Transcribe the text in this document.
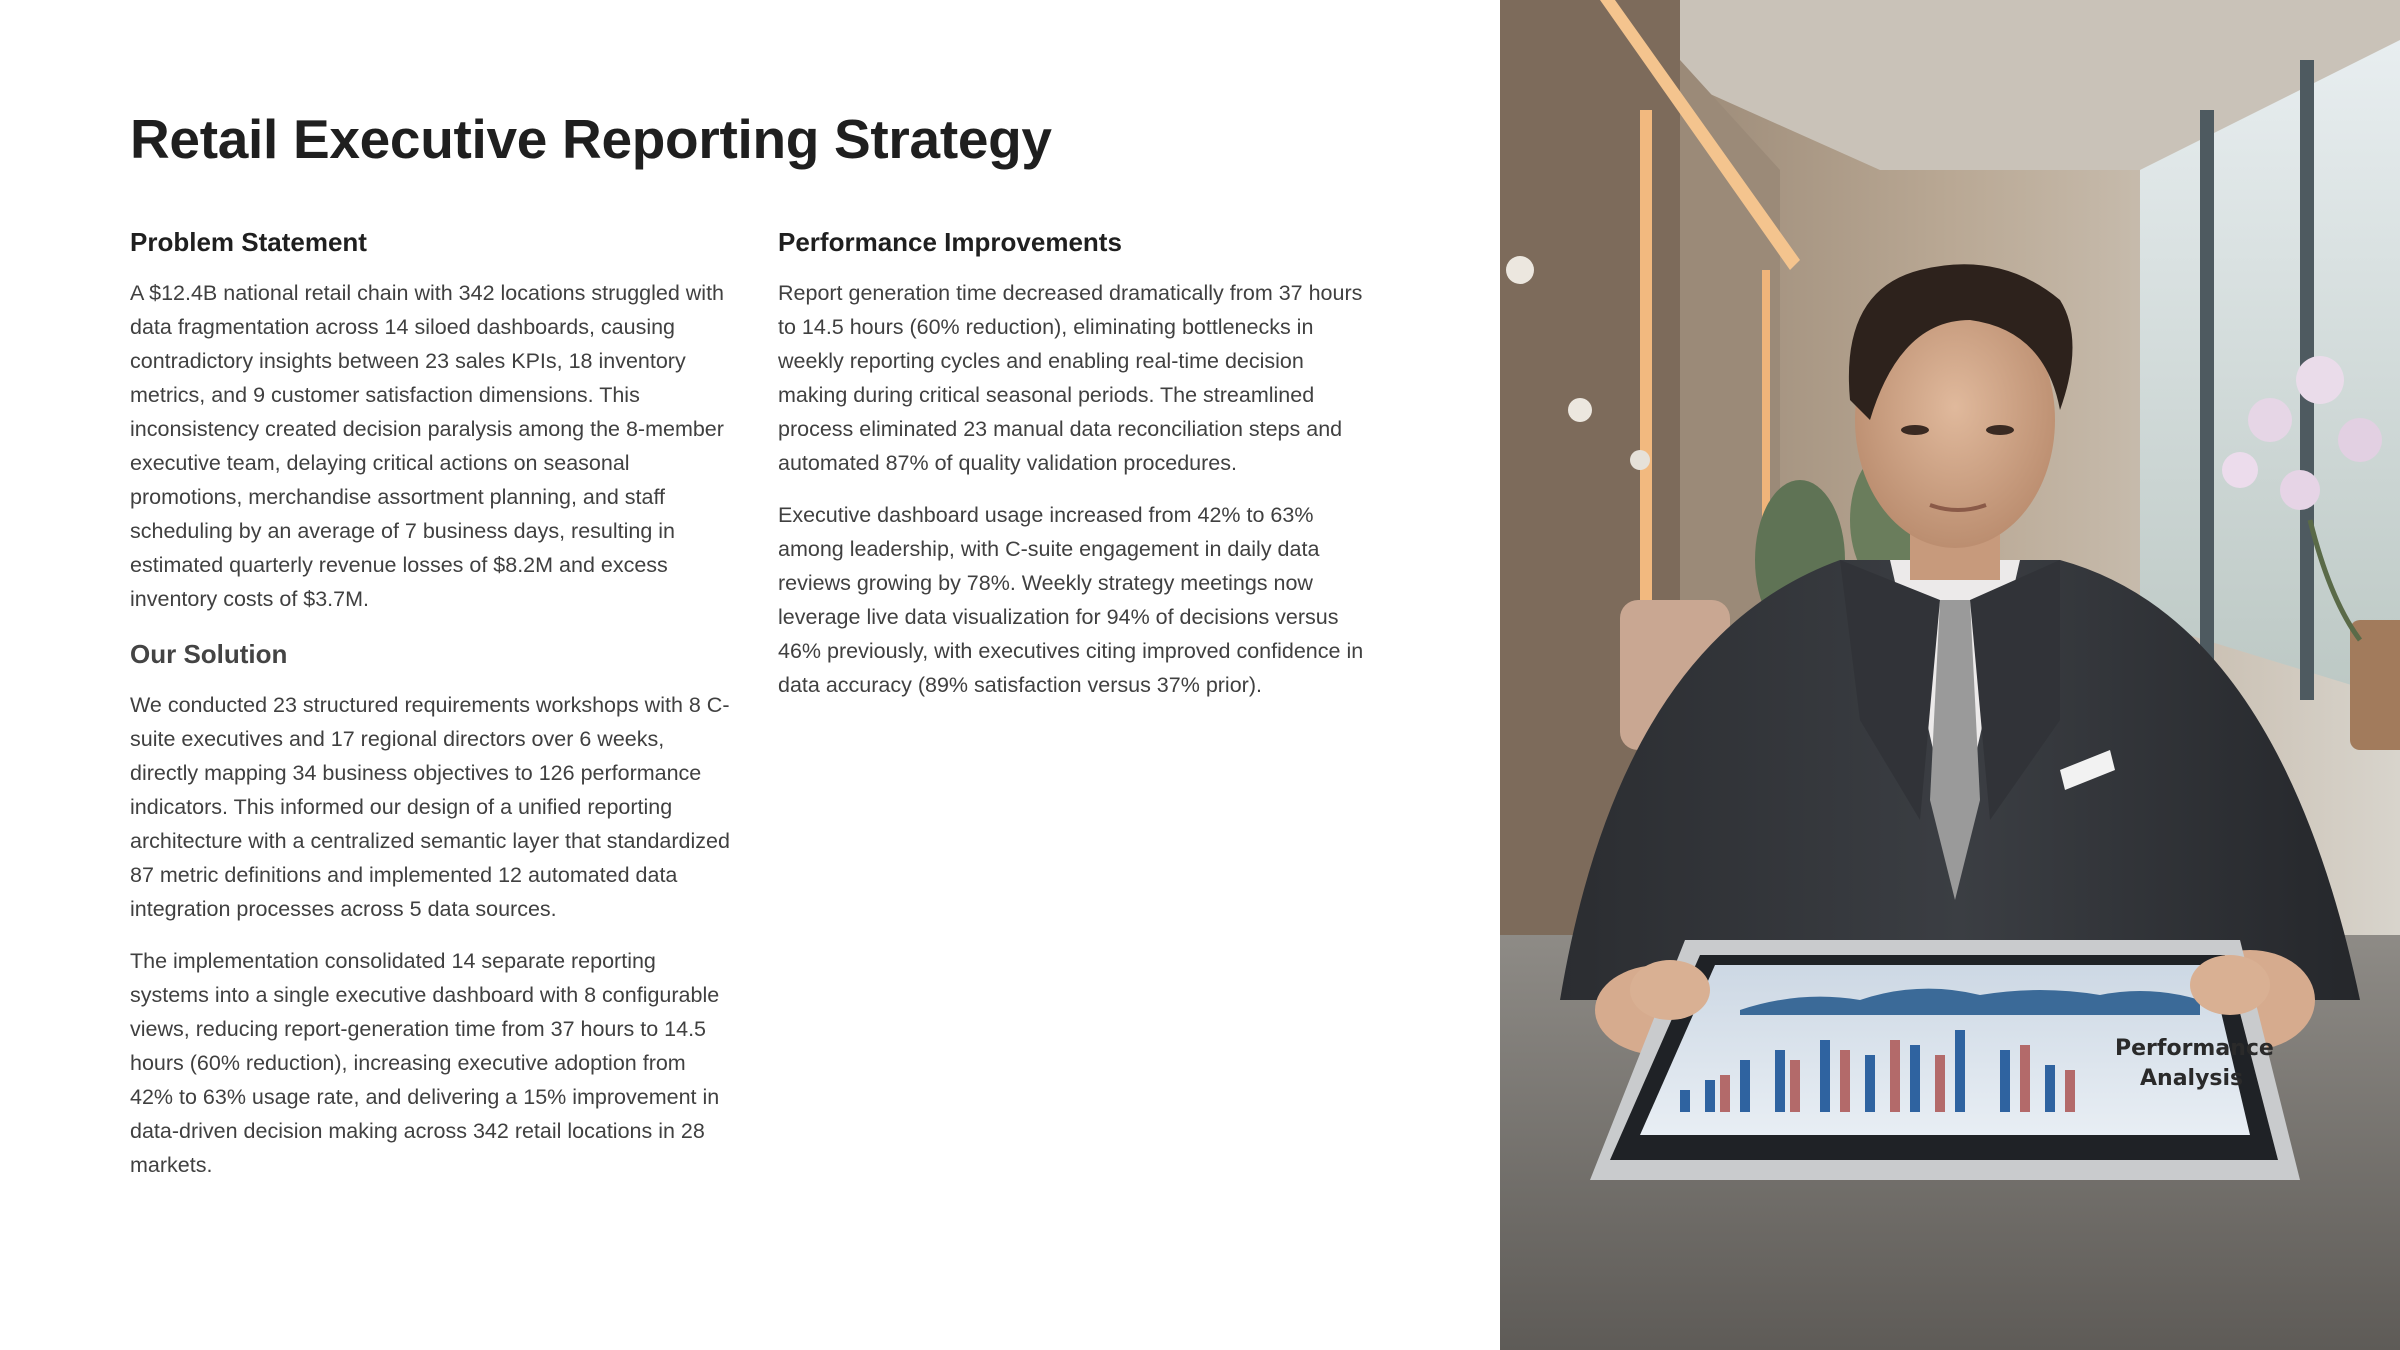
Retail Executive Reporting Strategy
Problem Statement

A $12.4B national retail chain with 342 locations struggled with data fragmentation across 14 siloed dashboards, causing contradictory insights between 23 sales KPIs, 18 inventory metrics, and 9 customer satisfaction dimensions. This inconsistency created decision paralysis among the 8-member executive team, delaying critical actions on seasonal promotions, merchandise assortment planning, and staff scheduling by an average of 7 business days, resulting in estimated quarterly revenue losses of $8.2M and excess inventory costs of $3.7M.

Our Solution

We conducted 23 structured requirements workshops with 8 C-suite executives and 17 regional directors over 6 weeks, directly mapping 34 business objectives to 126 performance indicators. This informed our design of a unified reporting architecture with a centralized semantic layer that standardized 87 metric definitions and implemented 12 automated data integration processes across 5 data sources.

The implementation consolidated 14 separate reporting systems into a single executive dashboard with 8 configurable views, reducing report-generation time from 37 hours to 14.5 hours (60% reduction), increasing executive adoption from 42% to 63% usage rate, and delivering a 15% improvement in data-driven decision making across 342 retail locations in 28 markets.

Performance Improvements

Report generation time decreased dramatically from 37 hours to 14.5 hours (60% reduction), eliminating bottlenecks in weekly reporting cycles and enabling real-time decision making during critical seasonal periods. The streamlined process eliminated 23 manual data reconciliation steps and automated 87% of quality validation procedures.

Executive dashboard usage increased from 42% to 63% among leadership, with C-suite engagement in daily data reviews growing by 78%. Weekly strategy meetings now leverage live data visualization for 94% of decisions versus 46% previously, with executives citing improved confidence in data accuracy (89% satisfaction versus 37% prior).

Performance
Analysis
